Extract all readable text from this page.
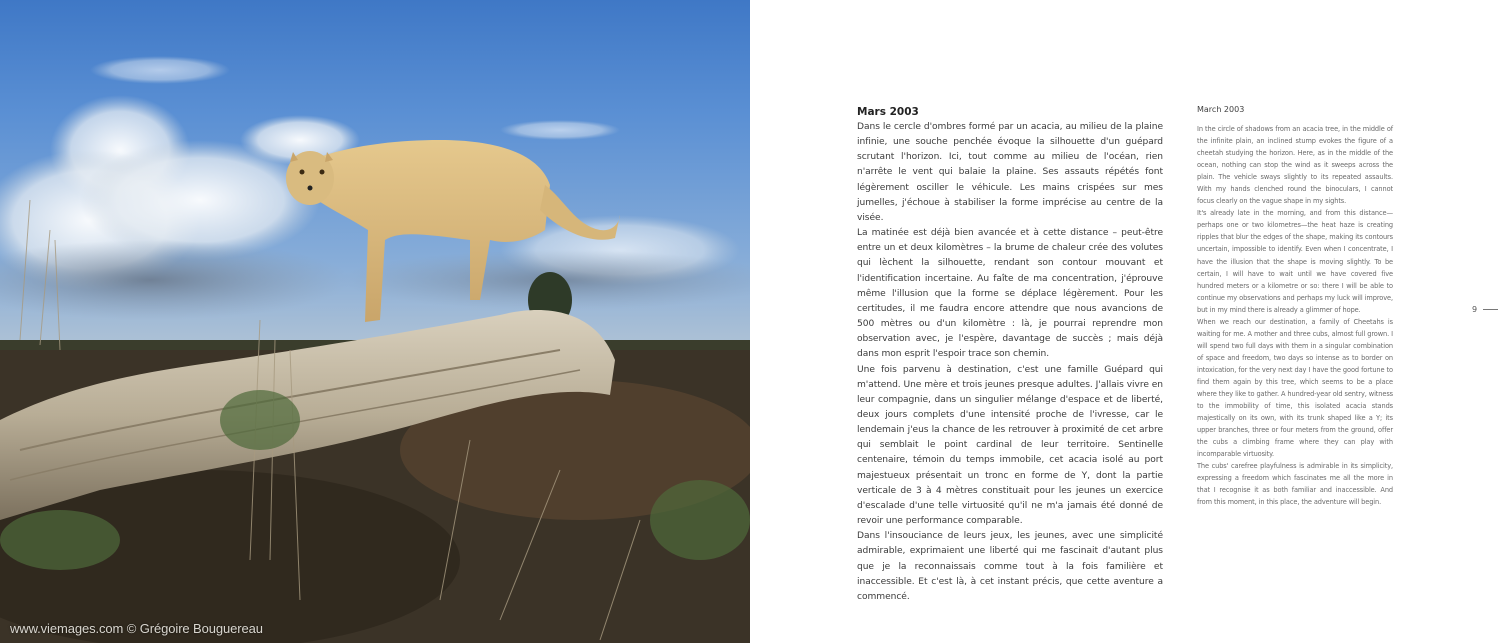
www.viemages.com © Grégoire Bouguereau
Mars 2003

Dans le cercle d'ombres formé par un acacia, au milieu de la plaine infinie, une souche penchée évoque la silhouette d'un guépard scrutant l'horizon. Ici, tout comme au milieu de l'océan, rien n'arrête le vent qui balaie la plaine. Ses assauts répétés font légèrement osciller le véhicule. Les mains crispées sur mes jumelles, j'échoue à stabiliser la forme imprécise au centre de la visée.

La matinée est déjà bien avancée et à cette distance – peut-être entre un et deux kilomètres – la brume de chaleur crée des volutes qui lèchent la silhouette, rendant son contour mouvant et l'identification incertaine. Au faîte de ma concentration, j'éprouve même l'illusion que la forme se déplace légèrement. Pour les certitudes, il me faudra encore attendre que nous avancions de 500 mètres ou d'un kilomètre : là, je pourrai reprendre mon observation avec, je l'espère, davantage de succès ; mais déjà dans mon esprit l'espoir trace son chemin.

Une fois parvenu à destination, c'est une famille Guépard qui m'attend. Une mère et trois jeunes presque adultes. J'allais vivre en leur compagnie, dans un singulier mélange d'espace et de liberté, deux jours complets d'une intensité proche de l'ivresse, car le lendemain j'eus la chance de les retrouver à proximité de cet arbre qui semblait le point cardinal de leur territoire. Sentinelle centenaire, témoin du temps immobile, cet acacia isolé au port majestueux présentait un tronc en forme de Y, dont la partie verticale de 3 à 4 mètres constituait pour les jeunes un exercice d'escalade d'une telle virtuosité qu'il ne m'a jamais été donné de revoir une performance comparable.

Dans l'insouciance de leurs jeux, les jeunes, avec une simplicité admirable, exprimaient une liberté qui me fascinait d'autant plus que je la reconnaissais comme tout à la fois familière et inaccessible. Et c'est là, à cet instant précis, que cette aventure a commencé.

March 2003

In the circle of shadows from an acacia tree, in the middle of the infinite plain, an inclined stump evokes the figure of a cheetah studying the horizon. Here, as in the middle of the ocean, nothing can stop the wind as it sweeps across the plain. The vehicle sways slightly to its repeated assaults. With my hands clenched round the binoculars, I cannot focus clearly on the vague shape in my sights.

It's already late in the morning, and from this distance—perhaps one or two kilometres—the heat haze is creating ripples that blur the edges of the shape, making its contours uncertain, impossible to identify. Even when I concentrate, I have the illusion that the shape is moving slightly. To be certain, I will have to wait until we have covered five hundred meters or a kilometre or so: there I will be able to continue my observations and perhaps my luck will improve, but in my mind there is already a glimmer of hope.

When we reach our destination, a family of Cheetahs is waiting for me. A mother and three cubs, almost full grown. I will spend two full days with them in a singular combination of space and freedom, two days so intense as to border on intoxication, for the very next day I have the good fortune to find them again by this tree, which seems to be a place where they like to gather. A hundred-year old sentry, witness to the immobility of time, this isolated acacia stands majestically on its own, with its trunk shaped like a Y; its upper branches, three or four meters from the ground, offer the cubs a climbing frame where they can play with incomparable virtuosity.

The cubs' carefree playfulness is admirable in its simplicity, expressing a freedom which fascinates me all the more in that I recognise it as both familiar and inaccessible. And from this moment, in this place, the adventure will begin.

9
